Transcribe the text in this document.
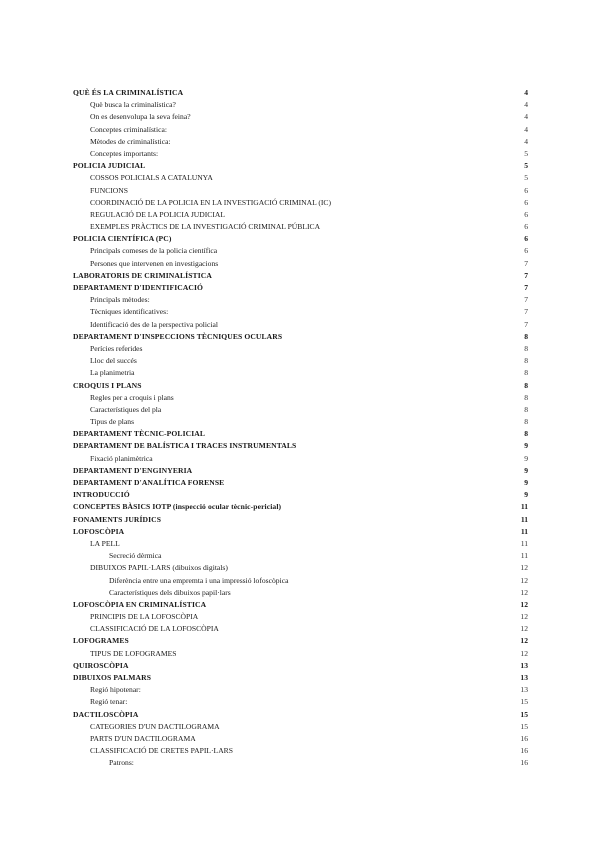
QUÈ ÉS LA CRIMINALÍSTICA	4
Què busca la criminalística?	4
On es desenvolupa la seva feina?	4
Conceptes criminalística:	4
Mètodes de criminalística:	4
Conceptes importants:	5
POLICIA JUDICIAL	5
COSSOS POLICIALS A CATALUNYA	5
FUNCIONS	6
COORDINACIÓ DE LA POLICIA EN LA INVESTIGACIÓ CRIMINAL (IC)	6
REGULACIÓ DE LA POLICIA JUDICIAL	6
EXEMPLES PRÀCTICS DE LA INVESTIGACIÓ CRIMINAL PÚBLICA	6
POLICIA CIENTÍFICA (PC)	6
Principals comeses de la policia científica	6
Persones que intervenen en investigacions	7
LABORATORIS DE CRIMINALÍSTICA	7
DEPARTAMENT D'IDENTIFICACIÓ	7
Principals mètodes:	7
Tècniques identificatives:	7
Identificació des de la perspectiva policial	7
DEPARTAMENT D'INSPECCIONS TÈCNIQUES OCULARS	8
Perícies referides	8
Lloc del succés	8
La planimetria	8
CROQUIS I PLANS	8
Regles per a croquis i plans	8
Característiques del pla	8
Tipus de plans	8
DEPARTAMENT TÈCNIC-POLICIAL	8
DEPARTAMENT DE BALÍSTICA I TRACES INSTRUMENTALS	9
Fixació planimètrica	9
DEPARTAMENT D'ENGINYERIA	9
DEPARTAMENT D'ANALÍTICA FORENSE	9
INTRODUCCIÓ	9
CONCEPTES BÀSICS IOTP (inspecció ocular tècnic-pericial)	11
FONAMENTS JURÍDICS	11
LOFOSCÒPIA	11
LA PELL	11
Secreció dèrmica	11
DIBUIXOS PAPIL·LARS (dibuixos digitals)	12
Diferència entre una empremta i una impressió lofoscòpica	12
Característiques dels dibuixos papil·lars	12
LOFOSCÒPIA EN CRIMINALÍSTICA	12
PRINCIPIS DE LA LOFOSCÒPIA	12
CLASSIFICACIÓ DE LA LOFOSCÒPIA	12
LOFOGRAMES	12
TIPUS DE LOFOGRAMES	12
QUIROSCÒPIA	13
DIBUIXOS PALMARS	13
Regió hipotenar:	13
Regió tenar:	15
DACTILOSCÒPIA	15
CATEGORIES D'UN DACTILOGRAMA	15
PARTS D'UN DACTILOGRAMA	16
CLASSIFICACIÓ DE CRETES PAPIL·LARS	16
Patrons:	16
